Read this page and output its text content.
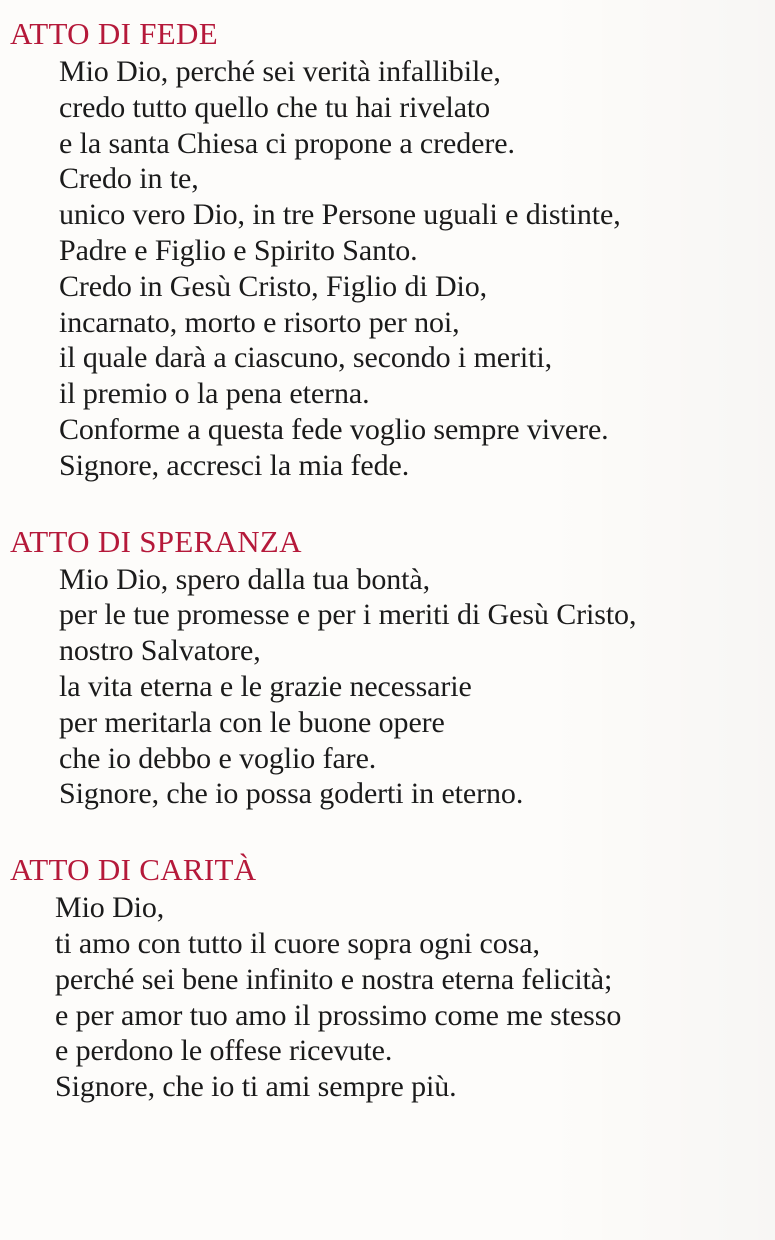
ATTO DI FEDE
Mio Dio, perché sei verità infallibile,
credo tutto quello che tu hai rivelato
e la santa Chiesa ci propone a credere.
Credo in te,
unico vero Dio, in tre Persone uguali e distinte,
Padre e Figlio e Spirito Santo.
Credo in Gesù Cristo, Figlio di Dio,
incarnato, morto e risorto per noi,
il quale darà a ciascuno, secondo i meriti,
il premio o la pena eterna.
Conforme a questa fede voglio sempre vivere.
Signore, accresci la mia fede.
ATTO DI SPERANZA
Mio Dio, spero dalla tua bontà,
per le tue promesse e per i meriti di Gesù Cristo,
nostro Salvatore,
la vita eterna e le grazie necessarie
per meritarla con le buone opere
che io debbo e voglio fare.
Signore, che io possa goderti in eterno.
ATTO DI CARITÀ
Mio Dio,
ti amo con tutto il cuore sopra ogni cosa,
perché sei bene infinito e nostra eterna felicità;
e per amor tuo amo il prossimo come me stesso
e perdono le offese ricevute.
Signore, che io ti ami sempre più.
